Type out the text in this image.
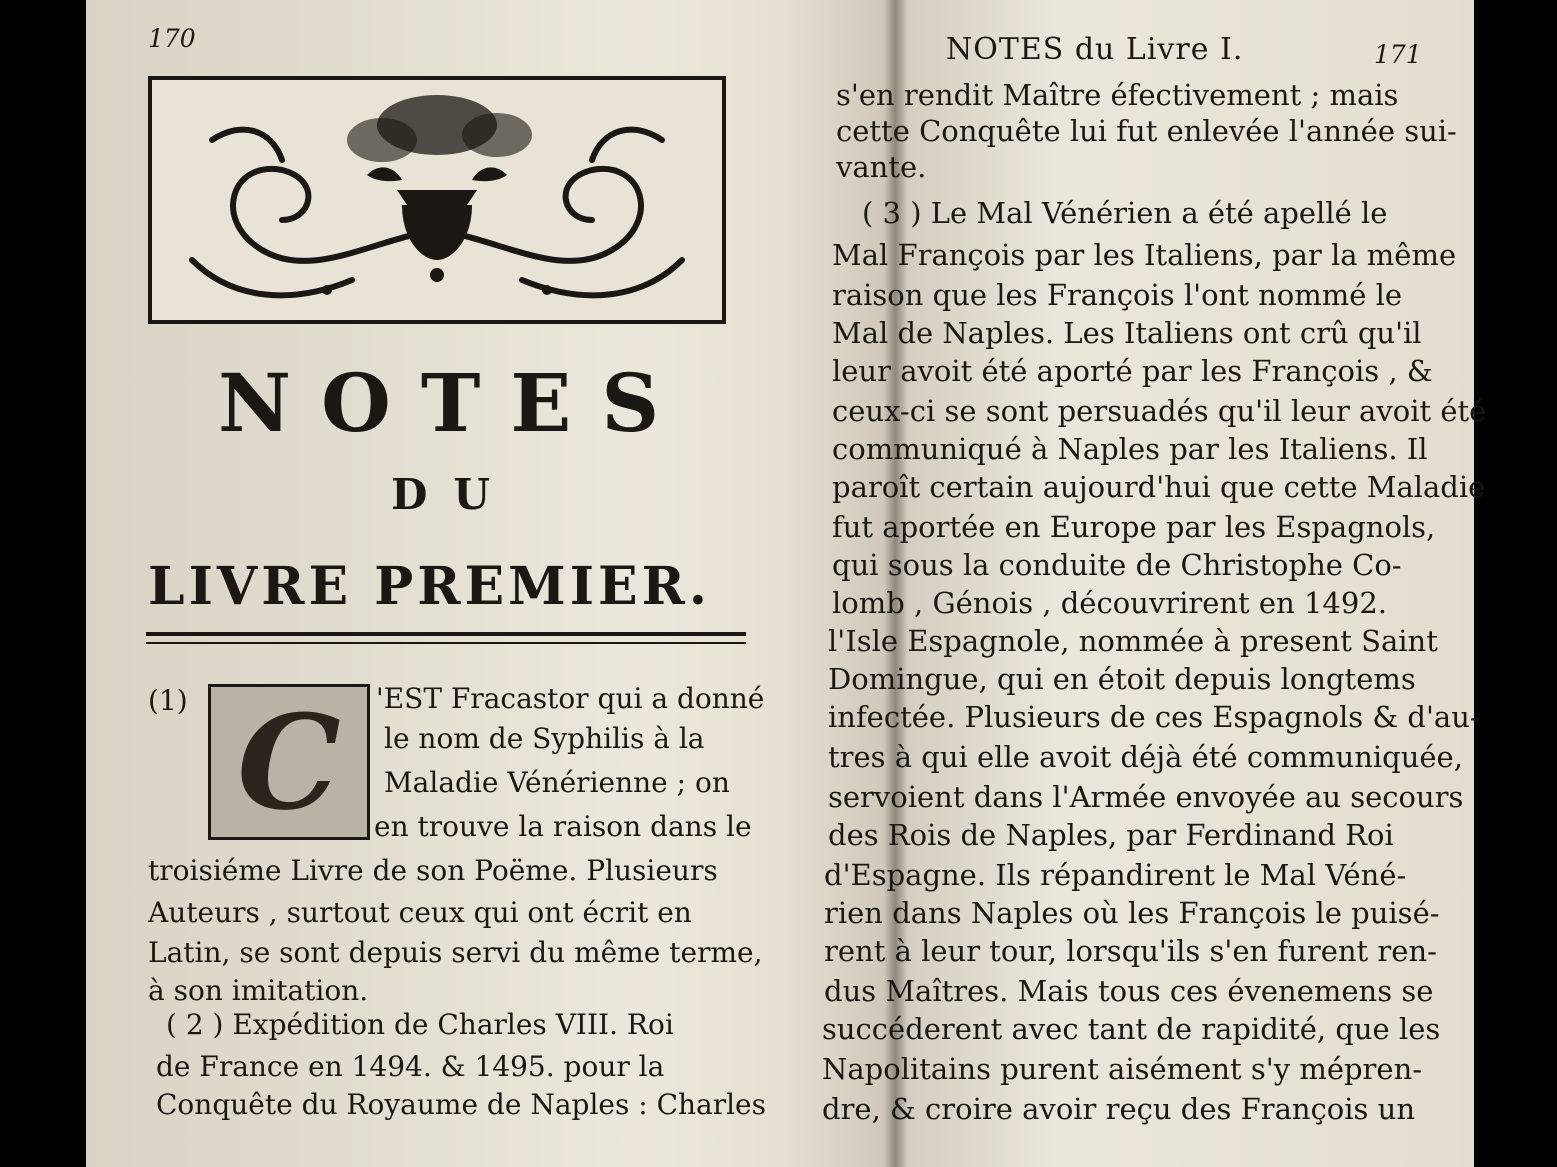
170
NOTES
DU
LIVRE PREMIER.
(1) C	'EST Fracastor qui a donné
le nom de Syphilis à la
Maladie Vénérienne ; on
en trouve la raison dans le
troisiéme Livre de son Poëme. Plusieurs
Auteurs , surtout ceux qui ont écrit en
Latin, se sont depuis servi du même terme,
à son imitation.
( 2 ) Expédition de Charles VIII. Roi
de France en 1494. & 1495. pour la
Conquête du Royaume de Naples : Charles
NOTES du Livre I.	171
s'en rendit Maître éfectivement ; mais
cette Conquête lui fut enlevée l'année sui-
vante.
( 3 ) Le Mal Vénérien a été apellé le
Mal François par les Italiens, par la même
raison que les François l'ont nommé le
Mal de Naples. Les Italiens ont crû qu'il
leur avoit été aporté par les François , &
ceux-ci se sont persuadés qu'il leur avoit été
communiqué à Naples par les Italiens. Il
paroît certain aujourd'hui que cette Maladie
fut aportée en Europe par les Espagnols,
qui sous la conduite de Christophe Co-
lomb , Génois , découvrirent en 1492.
l'Isle Espagnole, nommée à present Saint
Domingue, qui en étoit depuis longtems
infectée. Plusieurs de ces Espagnols & d'au-
tres à qui elle avoit déjà été communiquée,
servoient dans l'Armée envoyée au secours
des Rois de Naples, par Ferdinand Roi
d'Espagne. Ils répandirent le Mal Véné-
rien dans Naples où les François le puisé-
rent à leur tour, lorsqu'ils s'en furent ren-
dus Maîtres. Mais tous ces évenemens se
succéderent avec tant de rapidité, que les
Napolitains purent aisément s'y mépren-
dre, & croire avoir reçu des François un
